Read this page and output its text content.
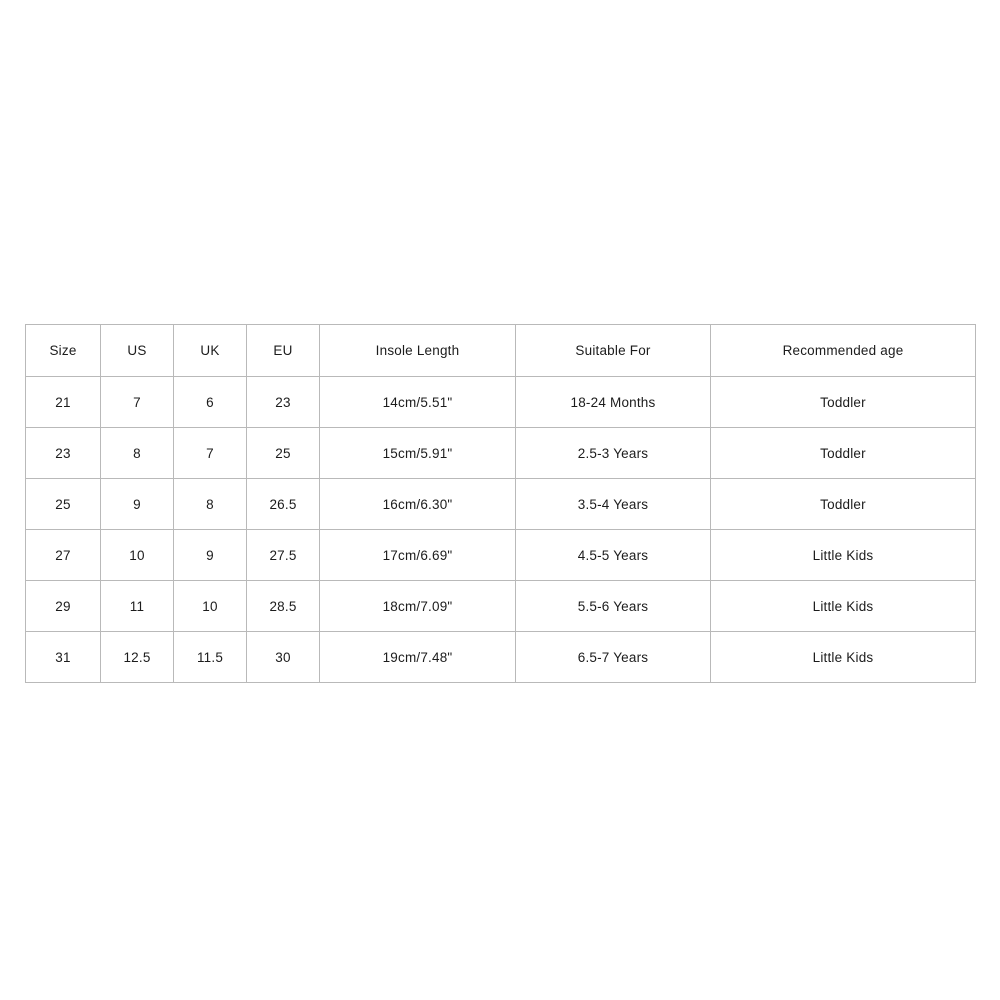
Size	US	UK	EU	Insole Length	Suitable For	Recommended age
21	7	6	23	14cm/5.51"	18-24 Months	Toddler
23	8	7	25	15cm/5.91"	2.5-3 Years	Toddler
25	9	8	26.5	16cm/6.30"	3.5-4 Years	Toddler
27	10	9	27.5	17cm/6.69"	4.5-5 Years	Little Kids
29	11	10	28.5	18cm/7.09"	5.5-6 Years	Little Kids
31	12.5	11.5	30	19cm/7.48"	6.5-7 Years	Little Kids
